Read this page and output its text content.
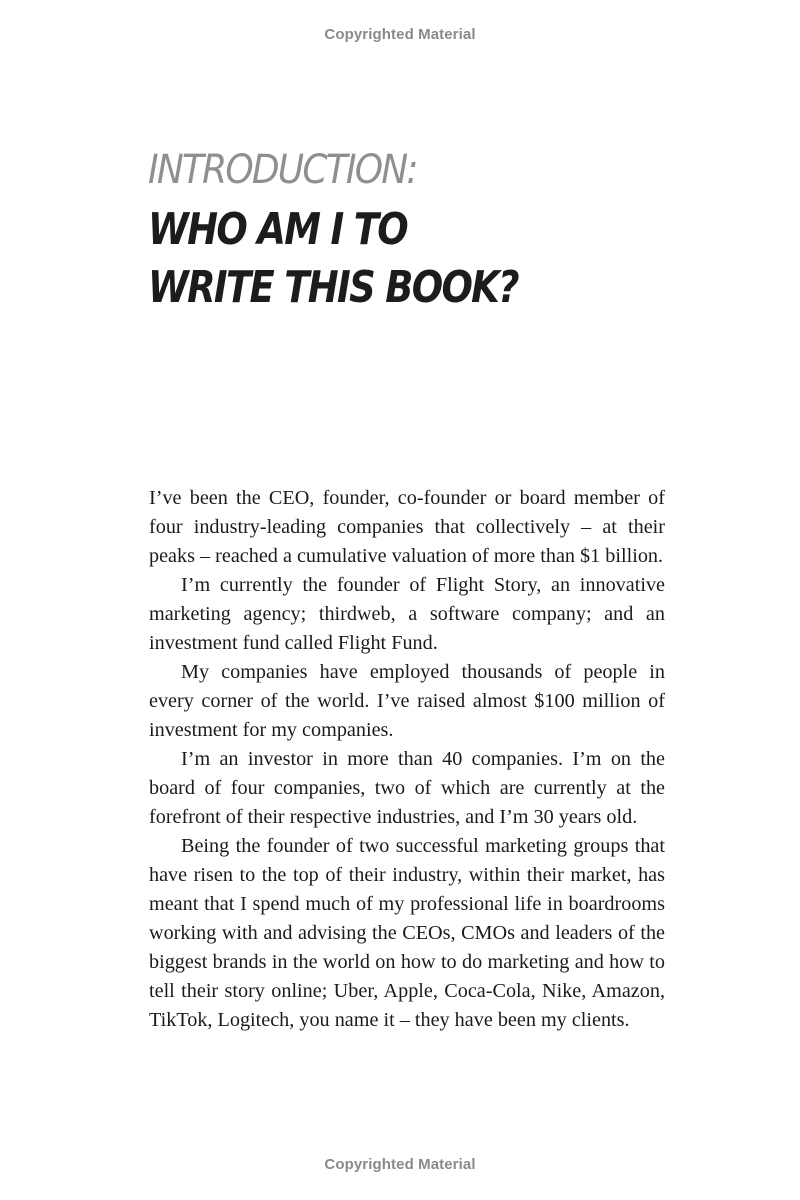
Copyrighted Material
INTRODUCTION:
WHO AM I TO
WRITE THIS BOOK?

I’ve been the CEO, founder, co-founder or board member of four industry-leading companies that collectively – at their peaks – reached a cumulative valuation of more than $1 billion.

I’m currently the founder of Flight Story, an innovative marketing agency; thirdweb, a software company; and an investment fund called Flight Fund.

My companies have employed thousands of people in every corner of the world. I’ve raised almost $100 million of investment for my companies.

I’m an investor in more than 40 companies. I’m on the board of four companies, two of which are currently at the forefront of their respective industries, and I’m 30 years old.

Being the founder of two successful marketing groups that have risen to the top of their industry, within their market, has meant that I spend much of my professional life in boardrooms working with and advising the CEOs, CMOs and leaders of the biggest brands in the world on how to do marketing and how to tell their story online; Uber, Apple, Coca-Cola, Nike, Amazon, TikTok, Logitech, you name it – they have been my clients.

Copyrighted Material
